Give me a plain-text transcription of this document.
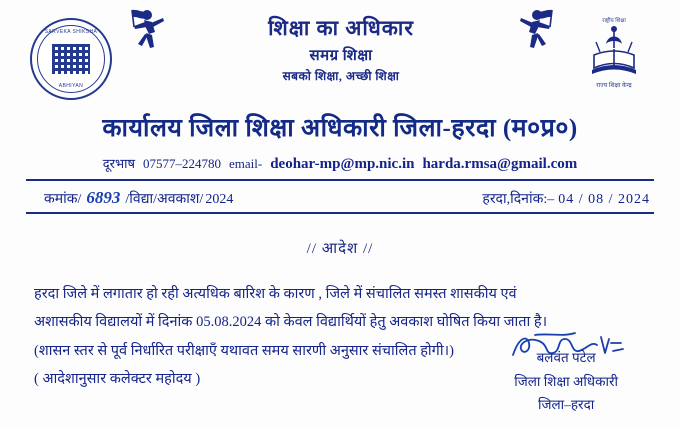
SARVEKA SHIKSHA
ABHIYAN
शिक्षा का अधिकार
समग्र शिक्षा
सबको शिक्षा, अच्छी शिक्षा
राष्ट्रीय शिक्षा
राज्य शिक्षा केन्द्र
कार्यालय जिला शिक्षा अधिकारी जिला-हरदा (म०प्र०)
दूरभाष 07577–224780 email- deohar-mp@mp.nic.in harda.rmsa@gmail.com
कमांक/ 6893 /विद्या/अवकाश/ 2024	हरदा,दिनांक:– 04 / 08 / 2024
// आदेश //
हरदा जिले में लगातार हो रही अत्यधिक बारिश के कारण , जिले में संचालित समस्त शासकीय एवं
अशासकीय विद्यालयों में दिनांक 05.08.2024 को केवल विद्यार्थियों हेतु अवकाश घोषित किया जाता है।
(शासन स्तर से पूर्व निर्धारित परीक्षाएँ यथावत समय सारणी अनुसार संचालित होगी।)
( आदेशानुसार कलेक्टर महोदय )
बलवंत पटेल
जिला शिक्षा अधिकारी
जिला–हरदा
